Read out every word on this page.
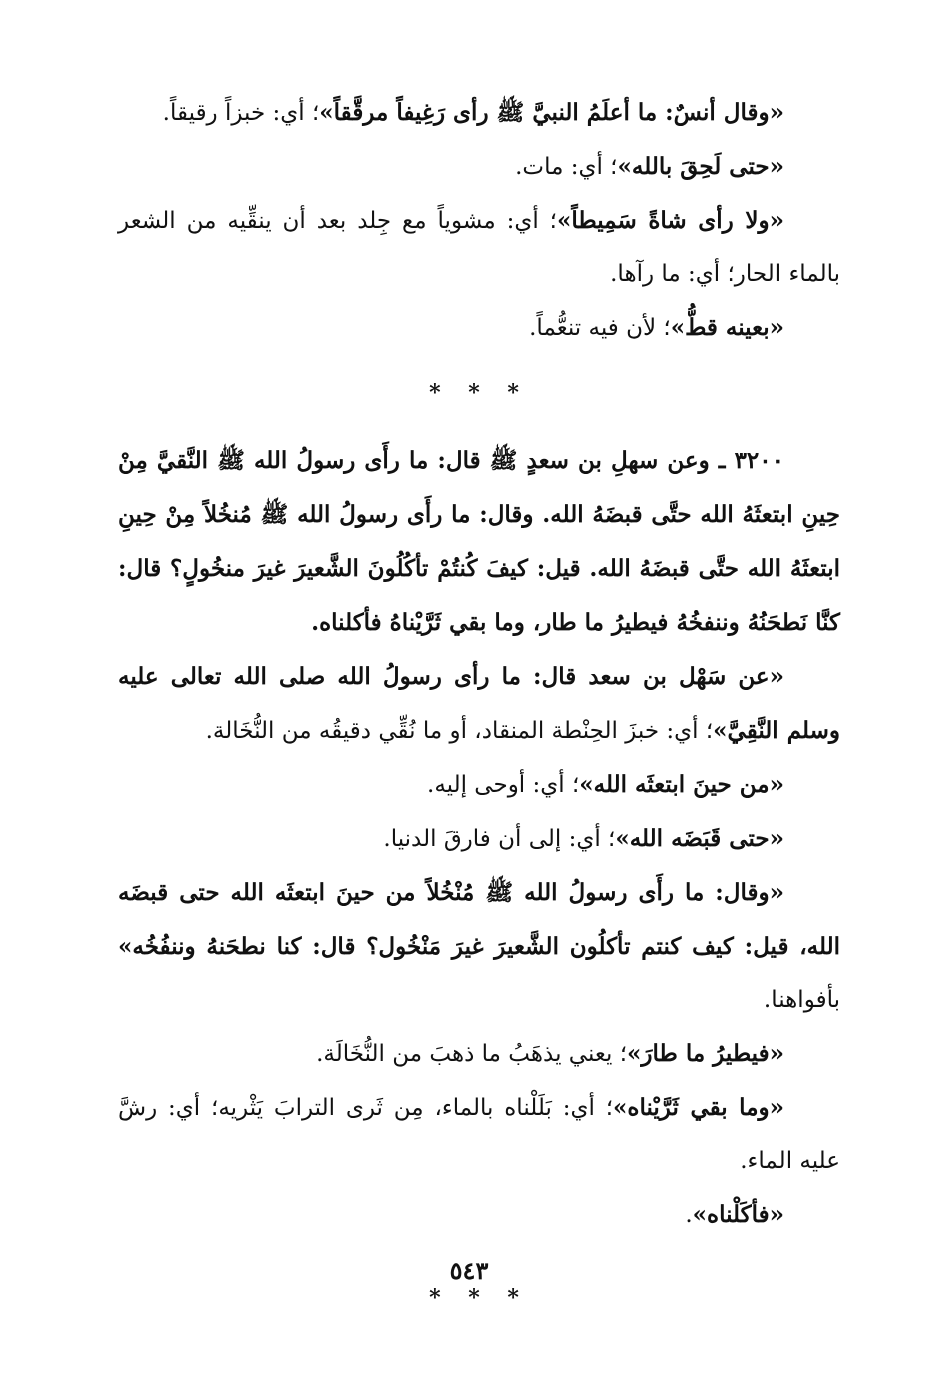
«وقال أنسٌ: ما أعلَمُ النبيَّ ﷺ رأى رَغِيفاً مرقَّقاً»؛ أي: خبزاً رقيقاً.

«حتى لَحِقَ بالله»؛ أي: مات.

«ولا رأى شاةً سَمِيطاً»؛ أي: مشوياً مع جِلد بعد أن ينقِّيه من الشعر بالماء الحار؛ أي: ما رآها.

«بعينه قطُّ»؛ لأن فيه تنعُّماً.

* * *

٣٢٠٠ ـ وعن سهلِ بن سعدٍ ﷺ قال: ما رأَى رسولُ الله ﷺ النَّقيَّ مِنْ حِينِ ابتعثَهُ الله حتَّى قبضَهُ الله. وقال: ما رأَى رسولُ الله ﷺ مُنخُلاً مِنْ حِينِ ابتعثَهُ الله حتَّى قبضَهُ الله. قيل: كيفَ كُنتُمْ تأكُلُونَ الشَّعيرَ غيرَ منخُولٍ؟ قال: كنَّا نَطحَنُهُ وننفخُهُ فيطيرُ ما طار، وما بقي ثَرَّيْناهُ فأكلناه.

«عن سَهْل بن سعد قال: ما رأى رسولُ الله صلى الله تعالى عليه وسلم النَّقِيَّ»؛ أي: خبزَ الحِنْطة المنقاد، أو ما نُقِّي دقيقُه من النُّخَالة.

«من حينَ ابتعثَه الله»؛ أي: أوحى إليه.

«حتى قَبَضَه الله»؛ أي: إلى أن فارقَ الدنيا.

«وقال: ما رأَى رسولُ الله ﷺ مُنْخُلاً من حينَ ابتعثَه الله حتى قبضَه الله، قيل: كيف كنتم تأكلُون الشَّعيرَ غيرَ مَنْخُول؟ قال: كنا نطحَنهُ وننفُخُه» بأفواهنا.

«فيطيرُ ما طارَ»؛ يعني يذهَبُ ما ذهبَ من النُّخَالَة.

«وما بقي ثَرَّيْناه»؛ أي: بَلَلْناه بالماء، مِن ثَرى الترابَ يَثْريه؛ أي: رشَّ عليه الماء.

«فأكَلْناه».

* * *
٥٤٣
